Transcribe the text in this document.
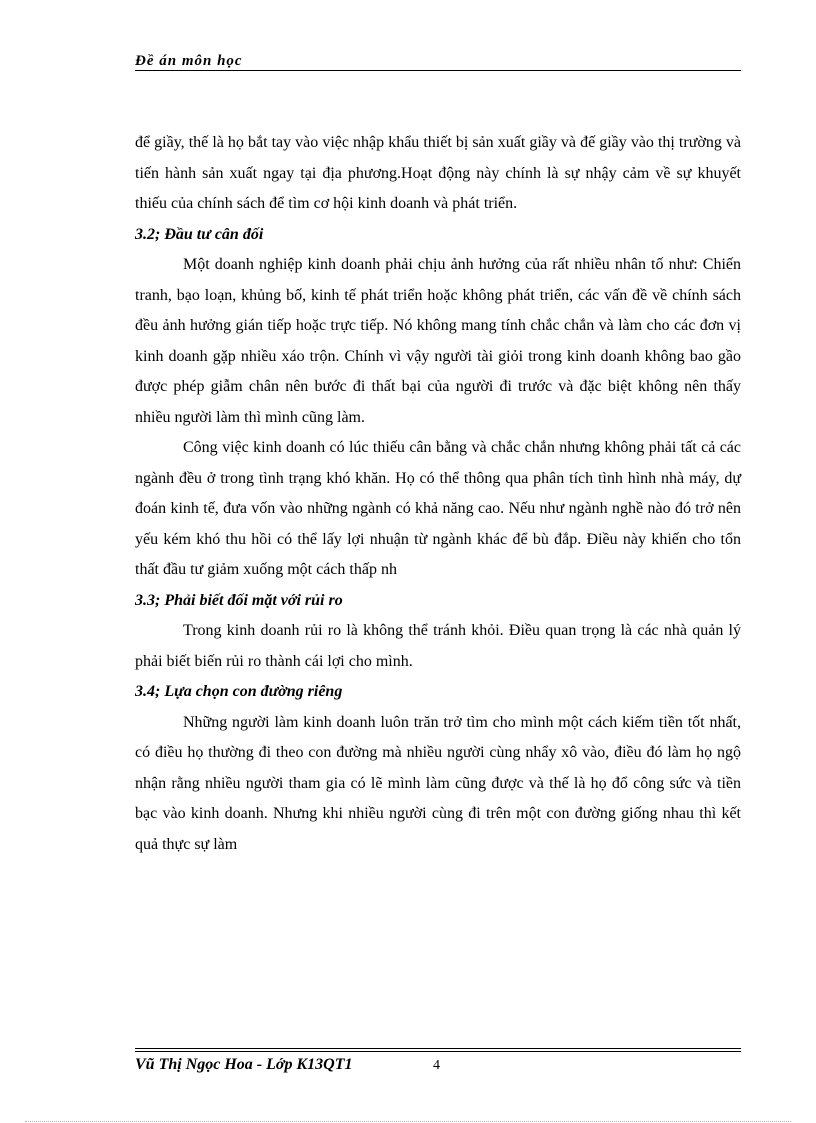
Đề án môn học

để giầy, thế là họ bắt tay vào việc nhập khẩu thiết bị sản xuất giầy và đế giầy vào thị trường và tiến hành sản xuất ngay tại địa phương.Hoạt động này chính là sự nhậy cảm về sự khuyết thiếu của chính sách để tìm cơ hội kinh doanh và phát triển.

3.2; Đầu tư cân đối

Một doanh nghiệp kinh doanh phải chịu ảnh hưởng của rất nhiều nhân tố như: Chiến tranh, bạo loạn, khủng bố, kinh tế phát triển hoặc không phát triển, các vấn đề về chính sách đều ảnh hưởng gián tiếp hoặc trực tiếp. Nó không mang tính chắc chắn và làm cho các đơn vị kinh doanh gặp nhiều xáo trộn. Chính vì vậy người tài giỏi trong kinh doanh không bao gầo được phép giẫm chân nên bước đi thất bại của người đi trước và đặc biệt không nên thấy nhiều người làm thì mình cũng làm.

Công việc kinh doanh có lúc thiếu cân bằng và chắc chắn nhưng không phải tất cả các ngành đều ở trong tình trạng khó khăn. Họ có thể thông qua phân tích tình hình nhà máy, dự đoán kinh tế, đưa vốn vào những ngành có khả năng cao. Nếu như ngành nghề nào đó trở nên yếu kém khó thu hồi có thể lấy lợi nhuận từ ngành khác để bù đắp. Điều này khiến cho tổn thất đầu tư giảm xuống một cách thấp nh

3.3; Phải biết đối mặt với rủi ro

Trong kinh doanh rủi ro là không thể tránh khỏi. Điều quan trọng là các nhà quản lý phải biết biến rủi ro thành cái lợi cho mình.

3.4; Lựa chọn con đường riêng

Những người làm kinh doanh luôn trăn trở tìm cho mình một cách kiếm tiền tốt nhất, có điều họ thường đi theo con đường mà nhiều người cùng nhẩy xô vào, điều đó làm họ ngộ nhận rằng nhiều người tham gia có lẽ mình làm cũng được và thế là họ đổ công sức và tiền bạc vào kinh doanh. Nhưng khi nhiều người cùng đi trên một con đường giống nhau thì kết quả thực sự làm

Vũ Thị Ngọc Hoa - Lớp K13QT1	4
